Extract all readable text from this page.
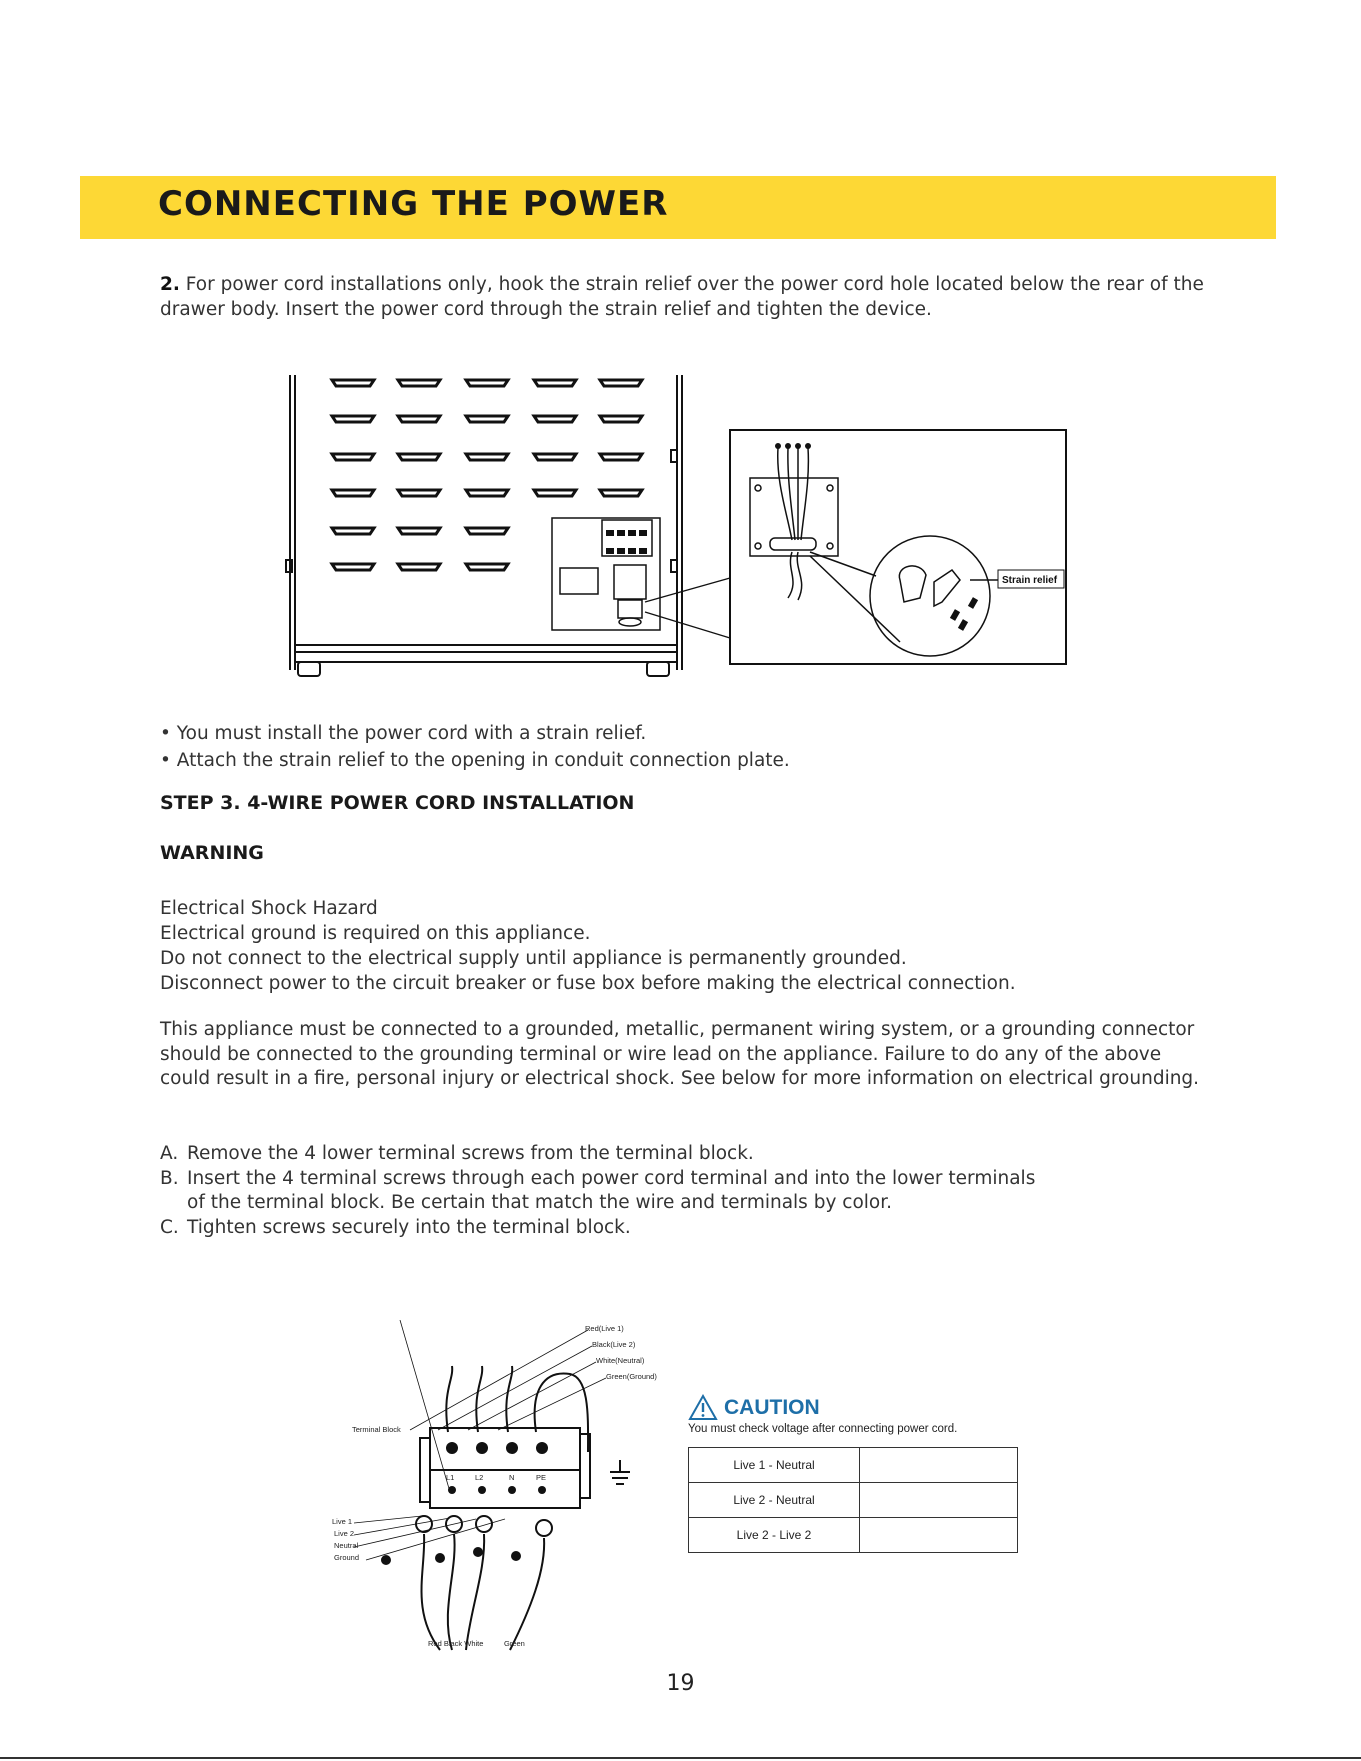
CONNECTING THE POWER
2. For power cord installations only, hook the strain relief over the power cord hole located below the rear of the drawer body. Insert the power cord through the strain relief and tighten the device.
Strain relief
• You must install the power cord with a strain relief.
• Attach the strain relief to the opening in conduit connection plate.
STEP 3. 4-WIRE POWER CORD INSTALLATION
WARNING
Electrical Shock Hazard
Electrical ground is required on this appliance.
Do not connect to the electrical supply until appliance is permanently grounded.
Disconnect power to the circuit breaker or fuse box before making the electrical connection.
This appliance must be connected to a grounded, metallic, permanent wiring system, or a grounding connector should be connected to the grounding terminal or wire lead on the appliance. Failure to do any of the above could result in a fire, personal injury or electrical shock. See below for more information on electrical grounding.
A. Remove the 4 lower terminal screws from the terminal block.
B. Insert the 4 terminal screws through each power cord terminal and into the lower terminals of the terminal block. Be certain that match the wire and terminals by color.
C. Tighten screws securely into the terminal block.
Red(Live 1)
Black(Live 2)
White(Neutral)
Green(Ground)
Terminal Block
L1	L2	N	PE
Live 1
Live 2
Neutral
Ground
Red Black White	Green
CAUTION
You must check voltage after connecting power cord.
Live 1 - Neutral	
Live 2 - Neutral	
Live 2 - Live 2	
19
